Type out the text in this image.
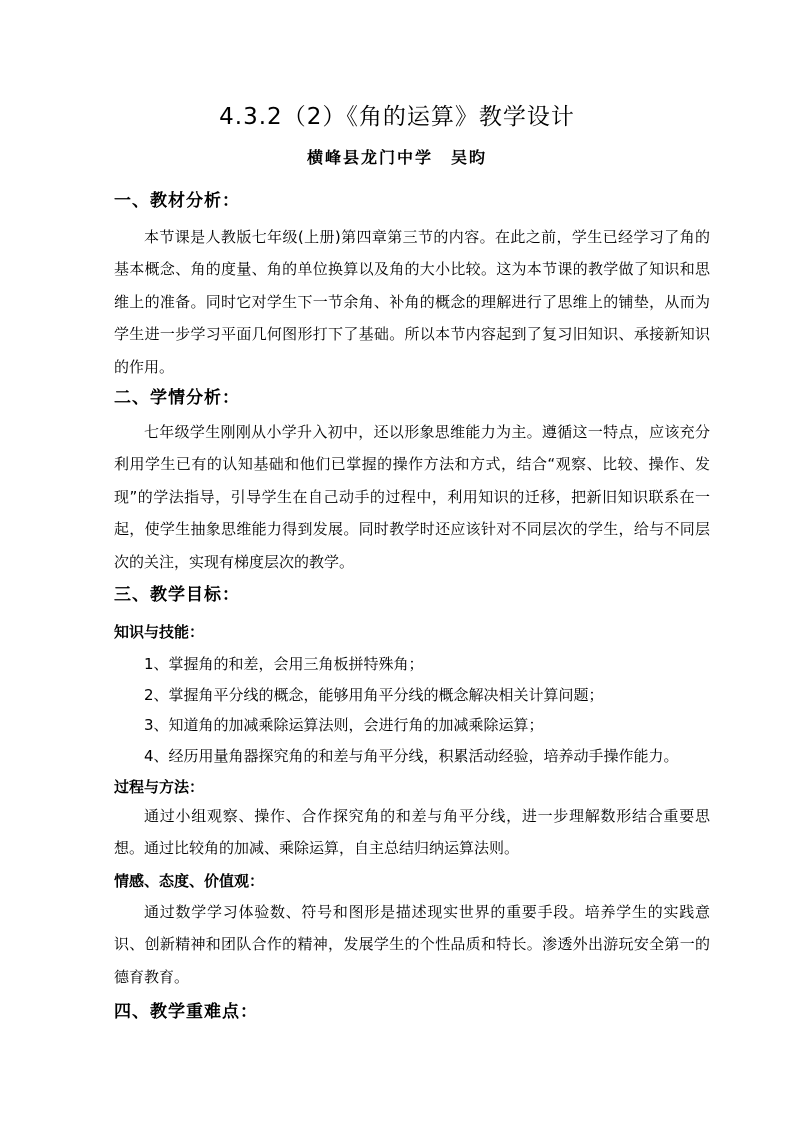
4.3.2（2）《角的运算》教学设计
横峰县龙门中学　吴昀
一、教材分析：
本节课是人教版七年级(上册)第四章第三节的内容。在此之前，学生已经学习了角的基本概念、角的度量、角的单位换算以及角的大小比较。这为本节课的教学做了知识和思维上的准备。同时它对学生下一节余角、补角的概念的理解进行了思维上的铺垫，从而为学生进一步学习平面几何图形打下了基础。所以本节内容起到了复习旧知识、承接新知识的作用。
二、学情分析：
七年级学生刚刚从小学升入初中，还以形象思维能力为主。遵循这一特点，应该充分利用学生已有的认知基础和他们已掌握的操作方法和方式，结合“观察、比较、操作、发现”的学法指导，引导学生在自己动手的过程中，利用知识的迁移，把新旧知识联系在一起，使学生抽象思维能力得到发展。同时教学时还应该针对不同层次的学生，给与不同层次的关注，实现有梯度层次的教学。
三、教学目标：
知识与技能：
1、掌握角的和差，会用三角板拼特殊角；
2、掌握角平分线的概念，能够用角平分线的概念解决相关计算问题；
3、知道角的加减乘除运算法则，会进行角的加减乘除运算；
4、经历用量角器探究角的和差与角平分线，积累活动经验，培养动手操作能力。
过程与方法：
通过小组观察、操作、合作探究角的和差与角平分线，进一步理解数形结合重要思想。通过比较角的加减、乘除运算，自主总结归纳运算法则。
情感、态度、价值观：
通过数学学习体验数、符号和图形是描述现实世界的重要手段。培养学生的实践意识、创新精神和团队合作的精神，发展学生的个性品质和特长。渗透外出游玩安全第一的德育教育。
四、教学重难点：
